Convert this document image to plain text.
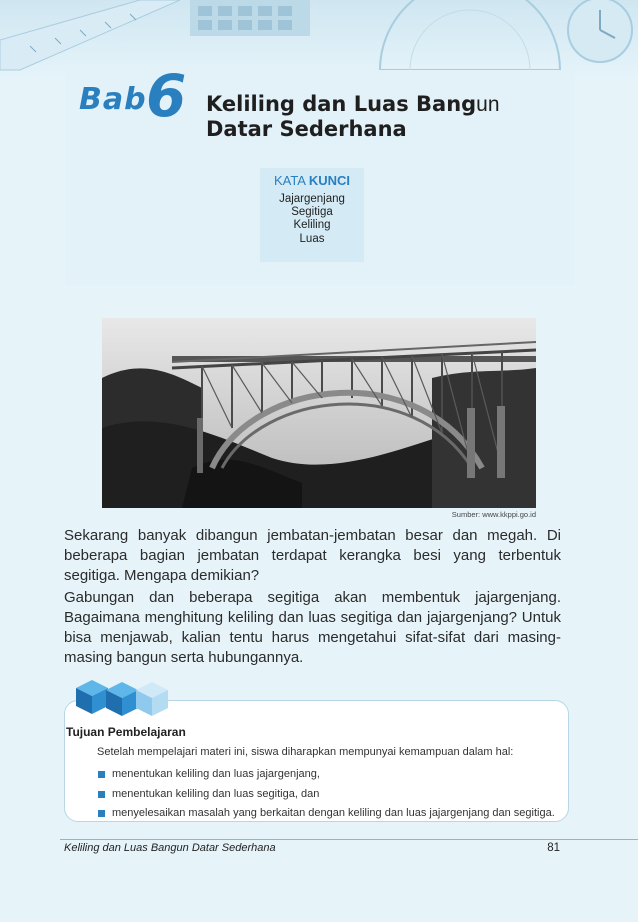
Bab 6 Keliling dan Luas Bangun
Datar Sederhana
KATA KUNCI
Jajargenjang
Segitiga
Keliling
Luas
Sumber: www.kkppi.go.id

Sekarang banyak dibangun jembatan-jembatan besar dan megah. Di beberapa bagian jembatan terdapat kerangka besi yang terbentuk segitiga. Mengapa demikian?

Gabungan dan beberapa segitiga akan membentuk jajargenjang. Bagaimana menghitung keliling dan luas segitiga dan jajargenjang? Untuk bisa menjawab, kalian tentu harus mengetahui sifat-sifat dari masing-masing bangun serta hubungannya.

Tujuan Pembelajaran
Setelah mempelajari materi ini, siswa diharapkan mempunyai kemampuan dalam hal:
menentukan keliling dan luas jajargenjang,
menentukan keliling dan luas segitiga, dan
menyelesaikan masalah yang berkaitan dengan keliling dan luas jajargenjang dan segitiga.
Keliling dan Luas Bangun Datar Sederhana	81
